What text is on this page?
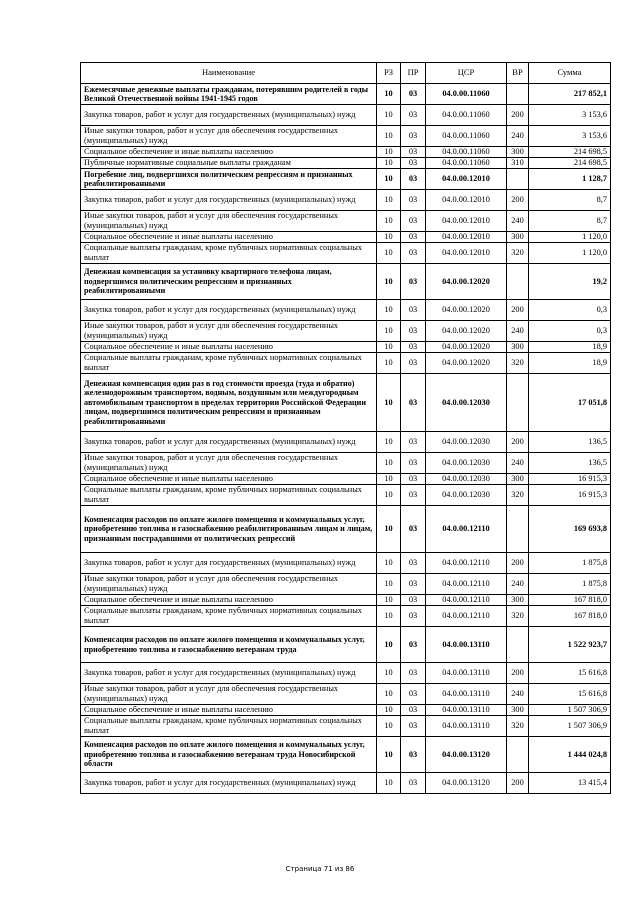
Наименование	РЗ	ПР	ЦСР	ВР	Сумма
Ежемесячные денежные выплаты гражданам, потерявшим родителей в годы Великой Отечественной войны 1941-1945 годов	10	03	04.0.00.11060		217 852,1
Закупка товаров, работ и услуг для государственных (муниципальных) нужд	10	03	04.0.00.11060	200	3 153,6
Иные закупки товаров, работ и услуг для обеспечения государственных (муниципальных) нужд	10	03	04.0.00.11060	240	3 153,6
Социальное обеспечение и иные выплаты населению	10	03	04.0.00.11060	300	214 698,5
Публичные нормативные социальные выплаты гражданам	10	03	04.0.00.11060	310	214 698,5
Погребение лиц, подвергшихся политическим репрессиям и признанных реабилитированными	10	03	04.0.00.12010		1 128,7
Закупка товаров, работ и услуг для государственных (муниципальных) нужд	10	03	04.0.00.12010	200	8,7
Иные закупки товаров, работ и услуг для обеспечения государственных (муниципальных) нужд	10	03	04.0.00.12010	240	8,7
Социальное обеспечение и иные выплаты населению	10	03	04.0.00.12010	300	1 120,0
Социальные выплаты гражданам, кроме публичных нормативных социальных выплат	10	03	04.0.00.12010	320	1 120,0
Денежная компенсация за установку квартирного телефона лицам, подвергшимся политическим репрессиям и признанных реабилитированными	10	03	04.0.00.12020		19,2
Закупка товаров, работ и услуг для государственных (муниципальных) нужд	10	03	04.0.00.12020	200	0,3
Иные закупки товаров, работ и услуг для обеспечения государственных (муниципальных) нужд	10	03	04.0.00.12020	240	0,3
Социальное обеспечение и иные выплаты населению	10	03	04.0.00.12020	300	18,9
Социальные выплаты гражданам, кроме публичных нормативных социальных выплат	10	03	04.0.00.12020	320	18,9
Денежная компенсация один раз в год стоимости проезда (туда и обратно) железнодорожным транспортом, водным, воздушным или междугородным автомобильным транспортом в пределах территории Российской Федерации лицам, подвергшимся политическим репрессиям и признанным реабилитированными	10	03	04.0.00.12030		17 051,8
Закупка товаров, работ и услуг для государственных (муниципальных) нужд	10	03	04.0.00.12030	200	136,5
Иные закупки товаров, работ и услуг для обеспечения государственных (муниципальных) нужд	10	03	04.0.00.12030	240	136,5
Социальное обеспечение и иные выплаты населению	10	03	04.0.00.12030	300	16 915,3
Социальные выплаты гражданам, кроме публичных нормативных социальных выплат	10	03	04.0.00.12030	320	16 915,3
Компенсация расходов по оплате жилого помещения и коммунальных услуг, приобретению топлива и газоснабжению реабилитированным лицам и лицам, признанным пострадавшими от политических репрессий	10	03	04.0.00.12110		169 693,8
Закупка товаров, работ и услуг для государственных (муниципальных) нужд	10	03	04.0.00.12110	200	1 875,8
Иные закупки товаров, работ и услуг для обеспечения государственных (муниципальных) нужд	10	03	04.0.00.12110	240	1 875,8
Социальное обеспечение и иные выплаты населению	10	03	04.0.00.12110	300	167 818,0
Социальные выплаты гражданам, кроме публичных нормативных социальных выплат	10	03	04.0.00.12110	320	167 818,0
Компенсация расходов по оплате жилого помещения и коммунальных услуг, приобретению топлива и газоснабжению ветеранам труда	10	03	04.0.00.13110		1 522 923,7
Закупка товаров, работ и услуг для государственных (муниципальных) нужд	10	03	04.0.00.13110	200	15 616,8
Иные закупки товаров, работ и услуг для обеспечения государственных (муниципальных) нужд	10	03	04.0.00.13110	240	15 616,8
Социальное обеспечение и иные выплаты населению	10	03	04.0.00.13110	300	1 507 306,9
Социальные выплаты гражданам, кроме публичных нормативных социальных выплат	10	03	04.0.00.13110	320	1 507 306,9
Компенсация расходов по оплате жилого помещения и коммунальных услуг, приобретению топлива и газоснабжению ветеранам труда Новосибирской области	10	03	04.0.00.13120		1 444 024,8
Закупка товаров, работ и услуг для государственных (муниципальных) нужд	10	03	04.0.00.13120	200	13 415,4
Страница 71 из 86
